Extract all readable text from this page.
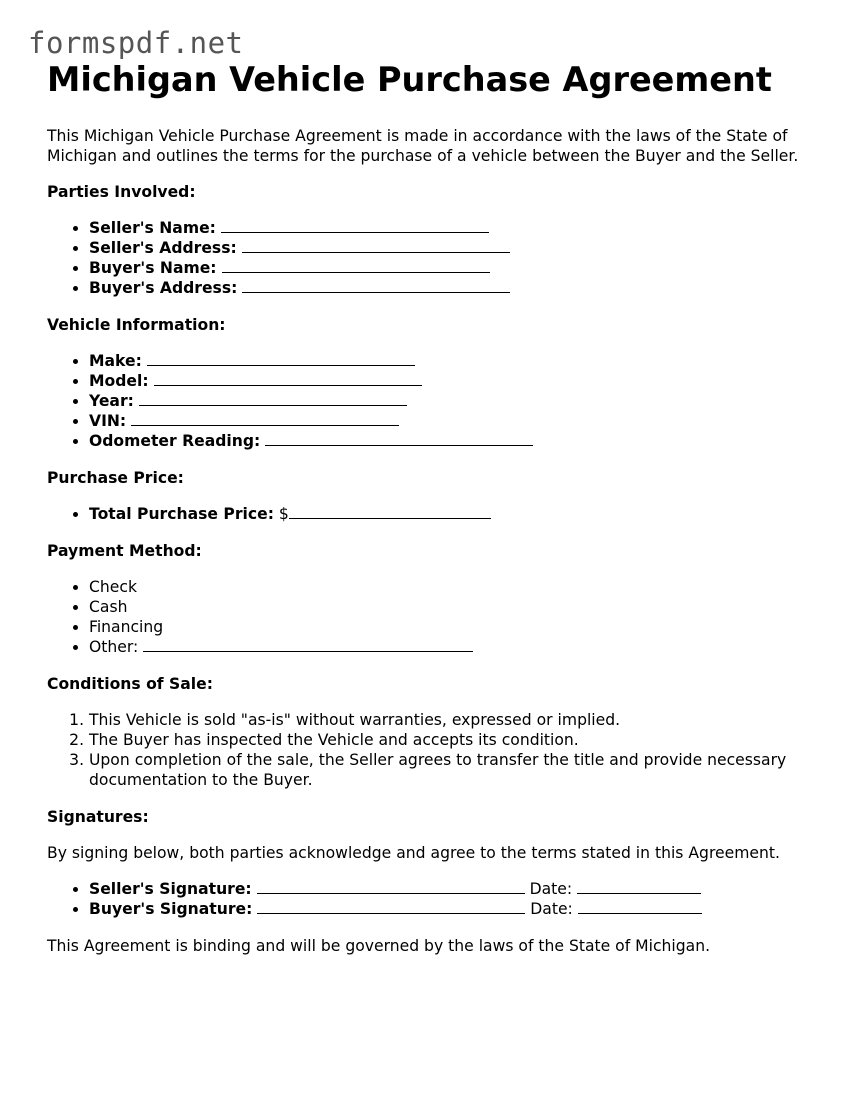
formspdf.net
Michigan Vehicle Purchase Agreement

This Michigan Vehicle Purchase Agreement is made in accordance with the laws of the State of Michigan and outlines the terms for the purchase of a vehicle between the Buyer and the Seller.

Parties Involved:
• Seller's Name:
• Seller's Address:
• Buyer's Name:
• Buyer's Address:
Vehicle Information:
• Make:
• Model:
• Year:
• VIN:
• Odometer Reading:
Purchase Price:
• Total Purchase Price: $
Payment Method:
• Check
• Cash
• Financing
• Other:
Conditions of Sale:
1. This Vehicle is sold "as-is" without warranties, expressed or implied.
2. The Buyer has inspected the Vehicle and accepts its condition.
3. Upon completion of the sale, the Seller agrees to transfer the title and provide necessary documentation to the Buyer.
Signatures:

By signing below, both parties acknowledge and agree to the terms stated in this Agreement.

• Seller's Signature:	Date:
• Buyer's Signature:	Date:

This Agreement is binding and will be governed by the laws of the State of Michigan.
